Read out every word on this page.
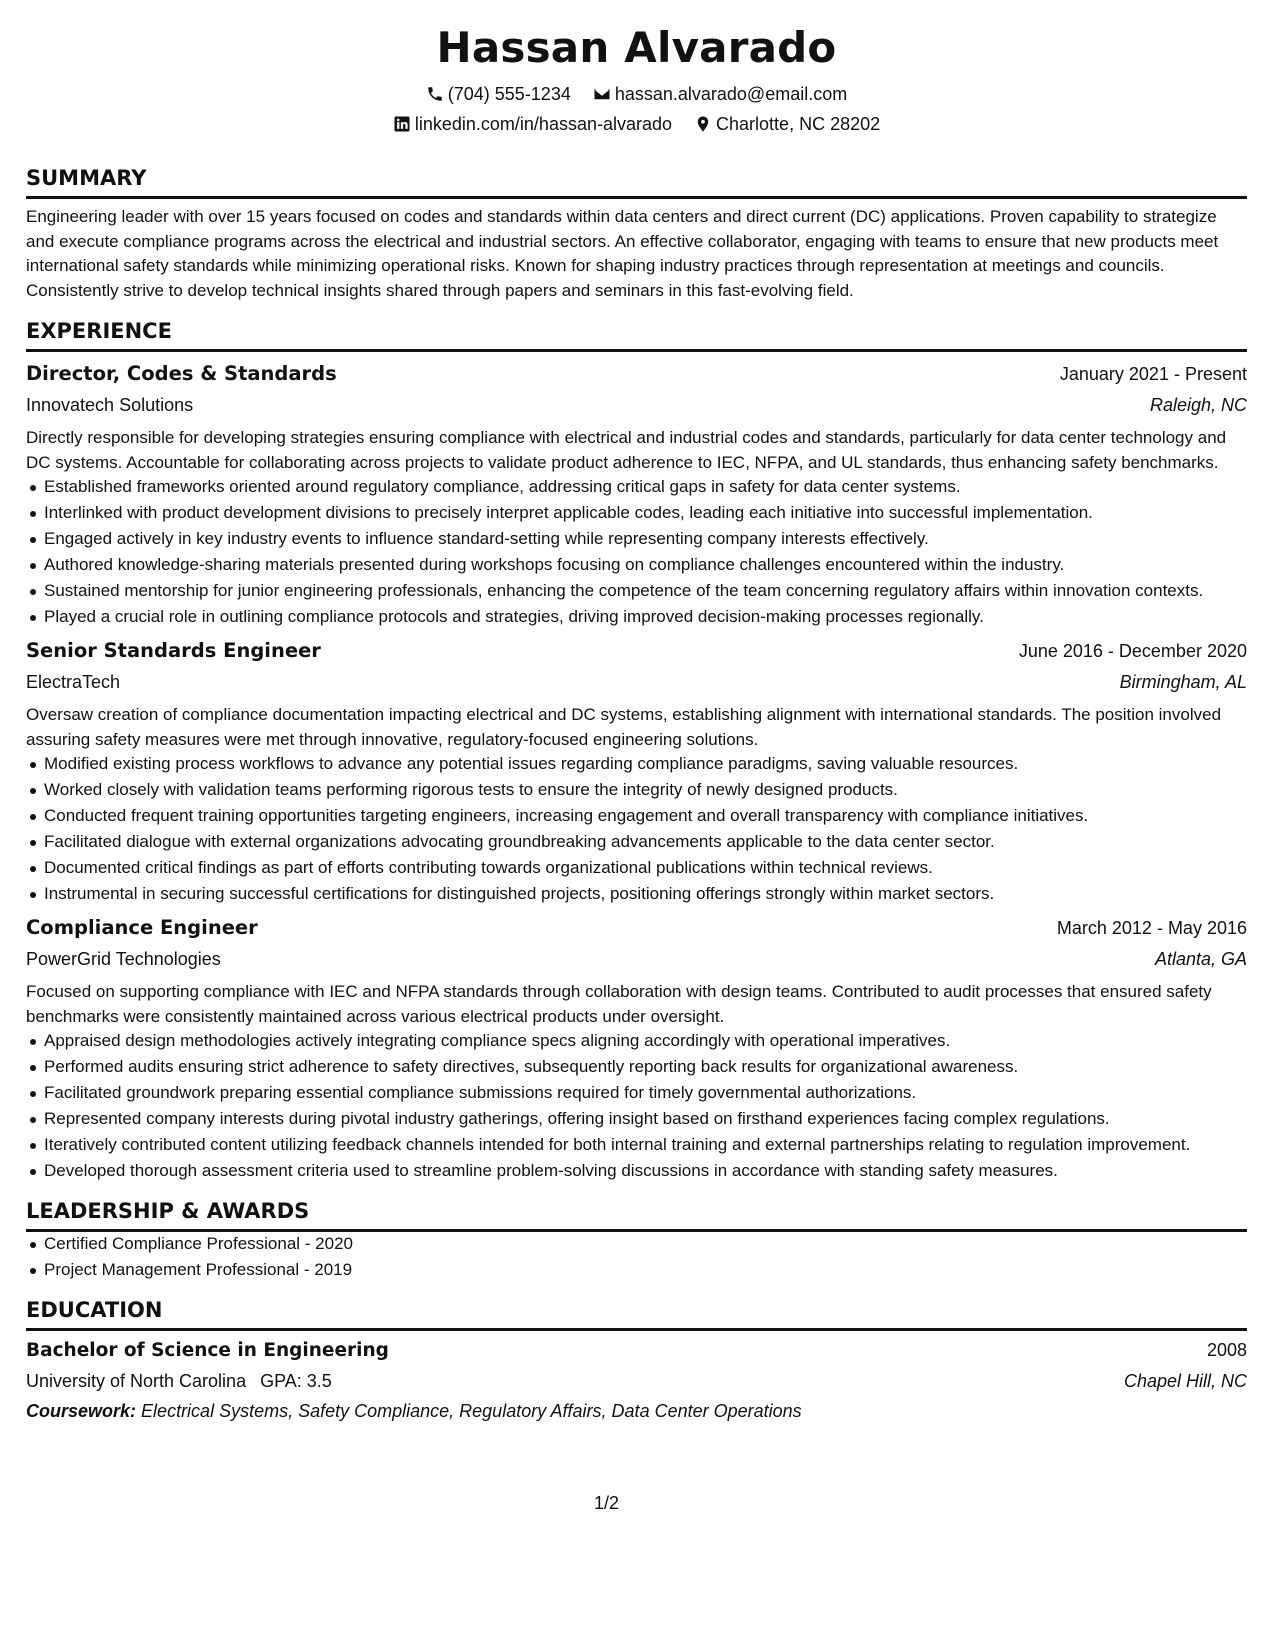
Hassan Alvarado
(704) 555-1234 hassan.alvarado@email.com
linkedin.com/in/hassan-alvarado Charlotte, NC 28202
SUMMARY

Engineering leader with over 15 years focused on codes and standards within data centers and direct current (DC) applications. Proven capability to strategize and execute compliance programs across the electrical and industrial sectors. An effective collaborator, engaging with teams to ensure that new products meet international safety standards while minimizing operational risks. Known for shaping industry practices through representation at meetings and councils. Consistently strive to develop technical insights shared through papers and seminars in this fast-evolving field.

EXPERIENCE
Director, Codes & Standards	January 2021 - Present
Innovatech Solutions	Raleigh, NC

Directly responsible for developing strategies ensuring compliance with electrical and industrial codes and standards, particularly for data center technology and DC systems. Accountable for collaborating across projects to validate product adherence to IEC, NFPA, and UL standards, thus enhancing safety benchmarks.

Established frameworks oriented around regulatory compliance, addressing critical gaps in safety for data center systems.
Interlinked with product development divisions to precisely interpret applicable codes, leading each initiative into successful implementation.
Engaged actively in key industry events to influence standard-setting while representing company interests effectively.
Authored knowledge-sharing materials presented during workshops focusing on compliance challenges encountered within the industry.
Sustained mentorship for junior engineering professionals, enhancing the competence of the team concerning regulatory affairs within innovation contexts.
Played a crucial role in outlining compliance protocols and strategies, driving improved decision-making processes regionally.
Senior Standards Engineer	June 2016 - December 2020
ElectraTech	Birmingham, AL

Oversaw creation of compliance documentation impacting electrical and DC systems, establishing alignment with international standards. The position involved assuring safety measures were met through innovative, regulatory-focused engineering solutions.

Modified existing process workflows to advance any potential issues regarding compliance paradigms, saving valuable resources.
Worked closely with validation teams performing rigorous tests to ensure the integrity of newly designed products.
Conducted frequent training opportunities targeting engineers, increasing engagement and overall transparency with compliance initiatives.
Facilitated dialogue with external organizations advocating groundbreaking advancements applicable to the data center sector.
Documented critical findings as part of efforts contributing towards organizational publications within technical reviews.
Instrumental in securing successful certifications for distinguished projects, positioning offerings strongly within market sectors.
Compliance Engineer	March 2012 - May 2016
PowerGrid Technologies	Atlanta, GA

Focused on supporting compliance with IEC and NFPA standards through collaboration with design teams. Contributed to audit processes that ensured safety benchmarks were consistently maintained across various electrical products under oversight.

Appraised design methodologies actively integrating compliance specs aligning accordingly with operational imperatives.
Performed audits ensuring strict adherence to safety directives, subsequently reporting back results for organizational awareness.
Facilitated groundwork preparing essential compliance submissions required for timely governmental authorizations.
Represented company interests during pivotal industry gatherings, offering insight based on firsthand experiences facing complex regulations.
Iteratively contributed content utilizing feedback channels intended for both internal training and external partnerships relating to regulation improvement.
Developed thorough assessment criteria used to streamline problem-solving discussions in accordance with standing safety measures.
LEADERSHIP & AWARDS
Certified Compliance Professional - 2020
Project Management Professional - 2019
EDUCATION
Bachelor of Science in Engineering	2008
University of North Carolina GPA: 3.5	Chapel Hill, NC
Coursework: Electrical Systems, Safety Compliance, Regulatory Affairs, Data Center Operations
1/2
